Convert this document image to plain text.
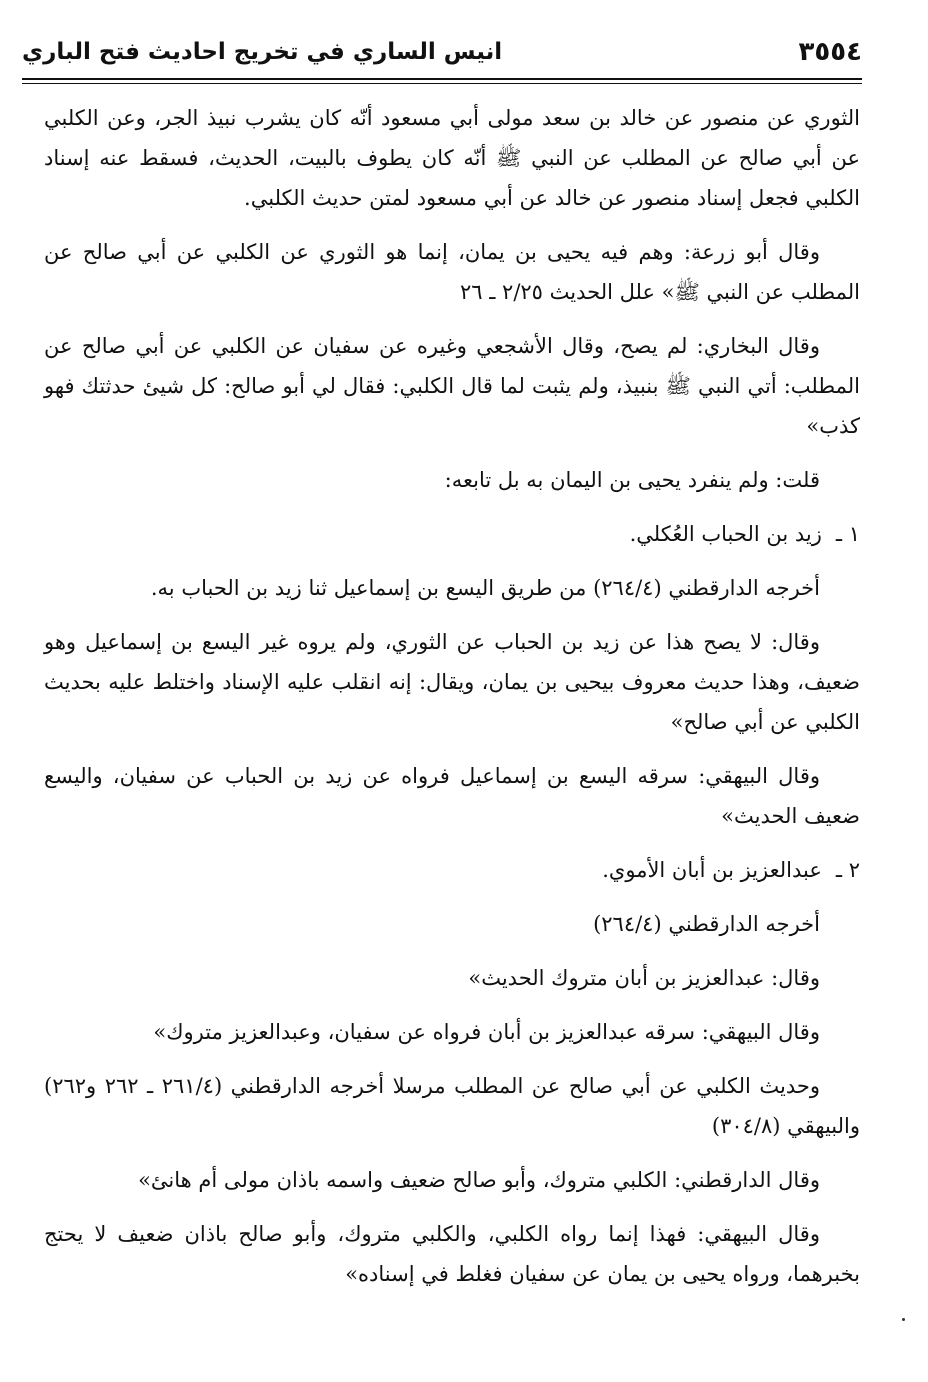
٣٥٥٤
انيس الساري في تخريج احاديث فتح الباري

الثوري عن منصور عن خالد بن سعد مولى أبي مسعود أنّه كان يشرب نبيذ الجر، وعن الكلبي عن أبي صالح عن المطلب عن النبي ﷺ أنّه كان يطوف بالبيت، الحديث، فسقط عنه إسناد الكلبي فجعل إسناد منصور عن خالد عن أبي مسعود لمتن حديث الكلبي.

وقال أبو زرعة: وهم فيه يحيى بن يمان، إنما هو الثوري عن الكلبي عن أبي صالح عن المطلب عن النبي ﷺ» علل الحديث ٢/٢٥ ـ ٢٦

وقال البخاري: لم يصح، وقال الأشجعي وغيره عن سفيان عن الكلبي عن أبي صالح عن المطلب: أتي النبي ﷺ بنبيذ، ولم يثبت لما قال الكلبي: فقال لي أبو صالح: كل شيئ حدثتك فهو كذب»

قلت: ولم ينفرد يحيى بن اليمان به بل تابعه:

١ ـزيد بن الحباب العُكلي.

أخرجه الدارقطني (٢٦٤/٤) من طريق اليسع بن إسماعيل ثنا زيد بن الحباب به.

وقال: لا يصح هذا عن زيد بن الحباب عن الثوري، ولم يروه غير اليسع بن إسماعيل وهو ضعيف، وهذا حديث معروف بيحيى بن يمان، ويقال: إنه انقلب عليه الإسناد واختلط عليه بحديث الكلبي عن أبي صالح»

وقال البيهقي: سرقه اليسع بن إسماعيل فرواه عن زيد بن الحباب عن سفيان، واليسع ضعيف الحديث»

٢ ـعبدالعزيز بن أبان الأموي.

أخرجه الدارقطني (٢٦٤/٤)

وقال: عبدالعزيز بن أبان متروك الحديث»

وقال البيهقي: سرقه عبدالعزيز بن أبان فرواه عن سفيان، وعبدالعزيز متروك»

وحديث الكلبي عن أبي صالح عن المطلب مرسلا أخرجه الدارقطني (٢٦١/٤ ـ ٢٦٢ و٢٦٢) والبيهقي (٣٠٤/٨)

وقال الدارقطني: الكلبي متروك، وأبو صالح ضعيف واسمه باذان مولى أم هانئ»

وقال البيهقي: فهذا إنما رواه الكلبي، والكلبي متروك، وأبو صالح باذان ضعيف لا يحتج بخبرهما، ورواه يحيى بن يمان عن سفيان فغلط في إسناده»
